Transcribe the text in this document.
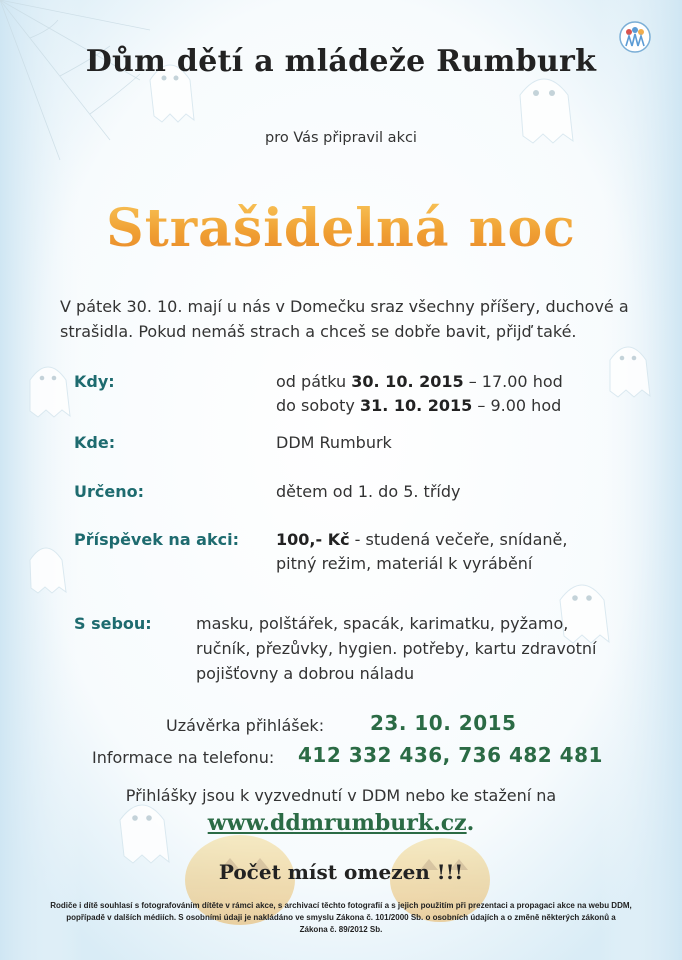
Dům dětí a mládeže Rumburk
pro Vás připravil akci
Strašidelná noc
V pátek 30. 10. mají u nás v Domečku sraz všechny příšery, duchové a
strašidla. Pokud nemáš strach a chceš se dobře bavit, přijď také.
Kdy:	od pátku 30. 10. 2015 – 17.00 hod
do soboty 31. 10. 2015 – 9.00 hod
Kde:	DDM Rumburk
Určeno:	dětem od 1. do 5. třídy
Příspěvek na akci: 100,- Kč - studená večeře, snídaně,
pitný režim, materiál k vyrábění
S sebou:	masku, polštářek, spacák, karimatku, pyžamo,
ručník, přezůvky, hygien. potřeby, kartu zdravotní
pojišťovny a dobrou náladu
Uzávěrka přihlášek: 23. 10. 2015
Informace na telefonu: 412 332 436, 736 482 481
Přihlášky jsou k vyzvednutí v DDM nebo ke stažení na
www.ddmrumburk.cz.
Počet míst omezen !!!
Rodiče i dítě souhlasí s fotografováním dítěte v rámci akce, s archivací těchto fotografií a s jejich použitím při prezentaci a propagaci akce na webu DDM,
popřípadě v dalších médiích. S osobními údaji je nakládáno ve smyslu Zákona č. 101/2000 Sb. o osobních údajích a o změně některých zákonů a
Zákona č. 89/2012 Sb.
